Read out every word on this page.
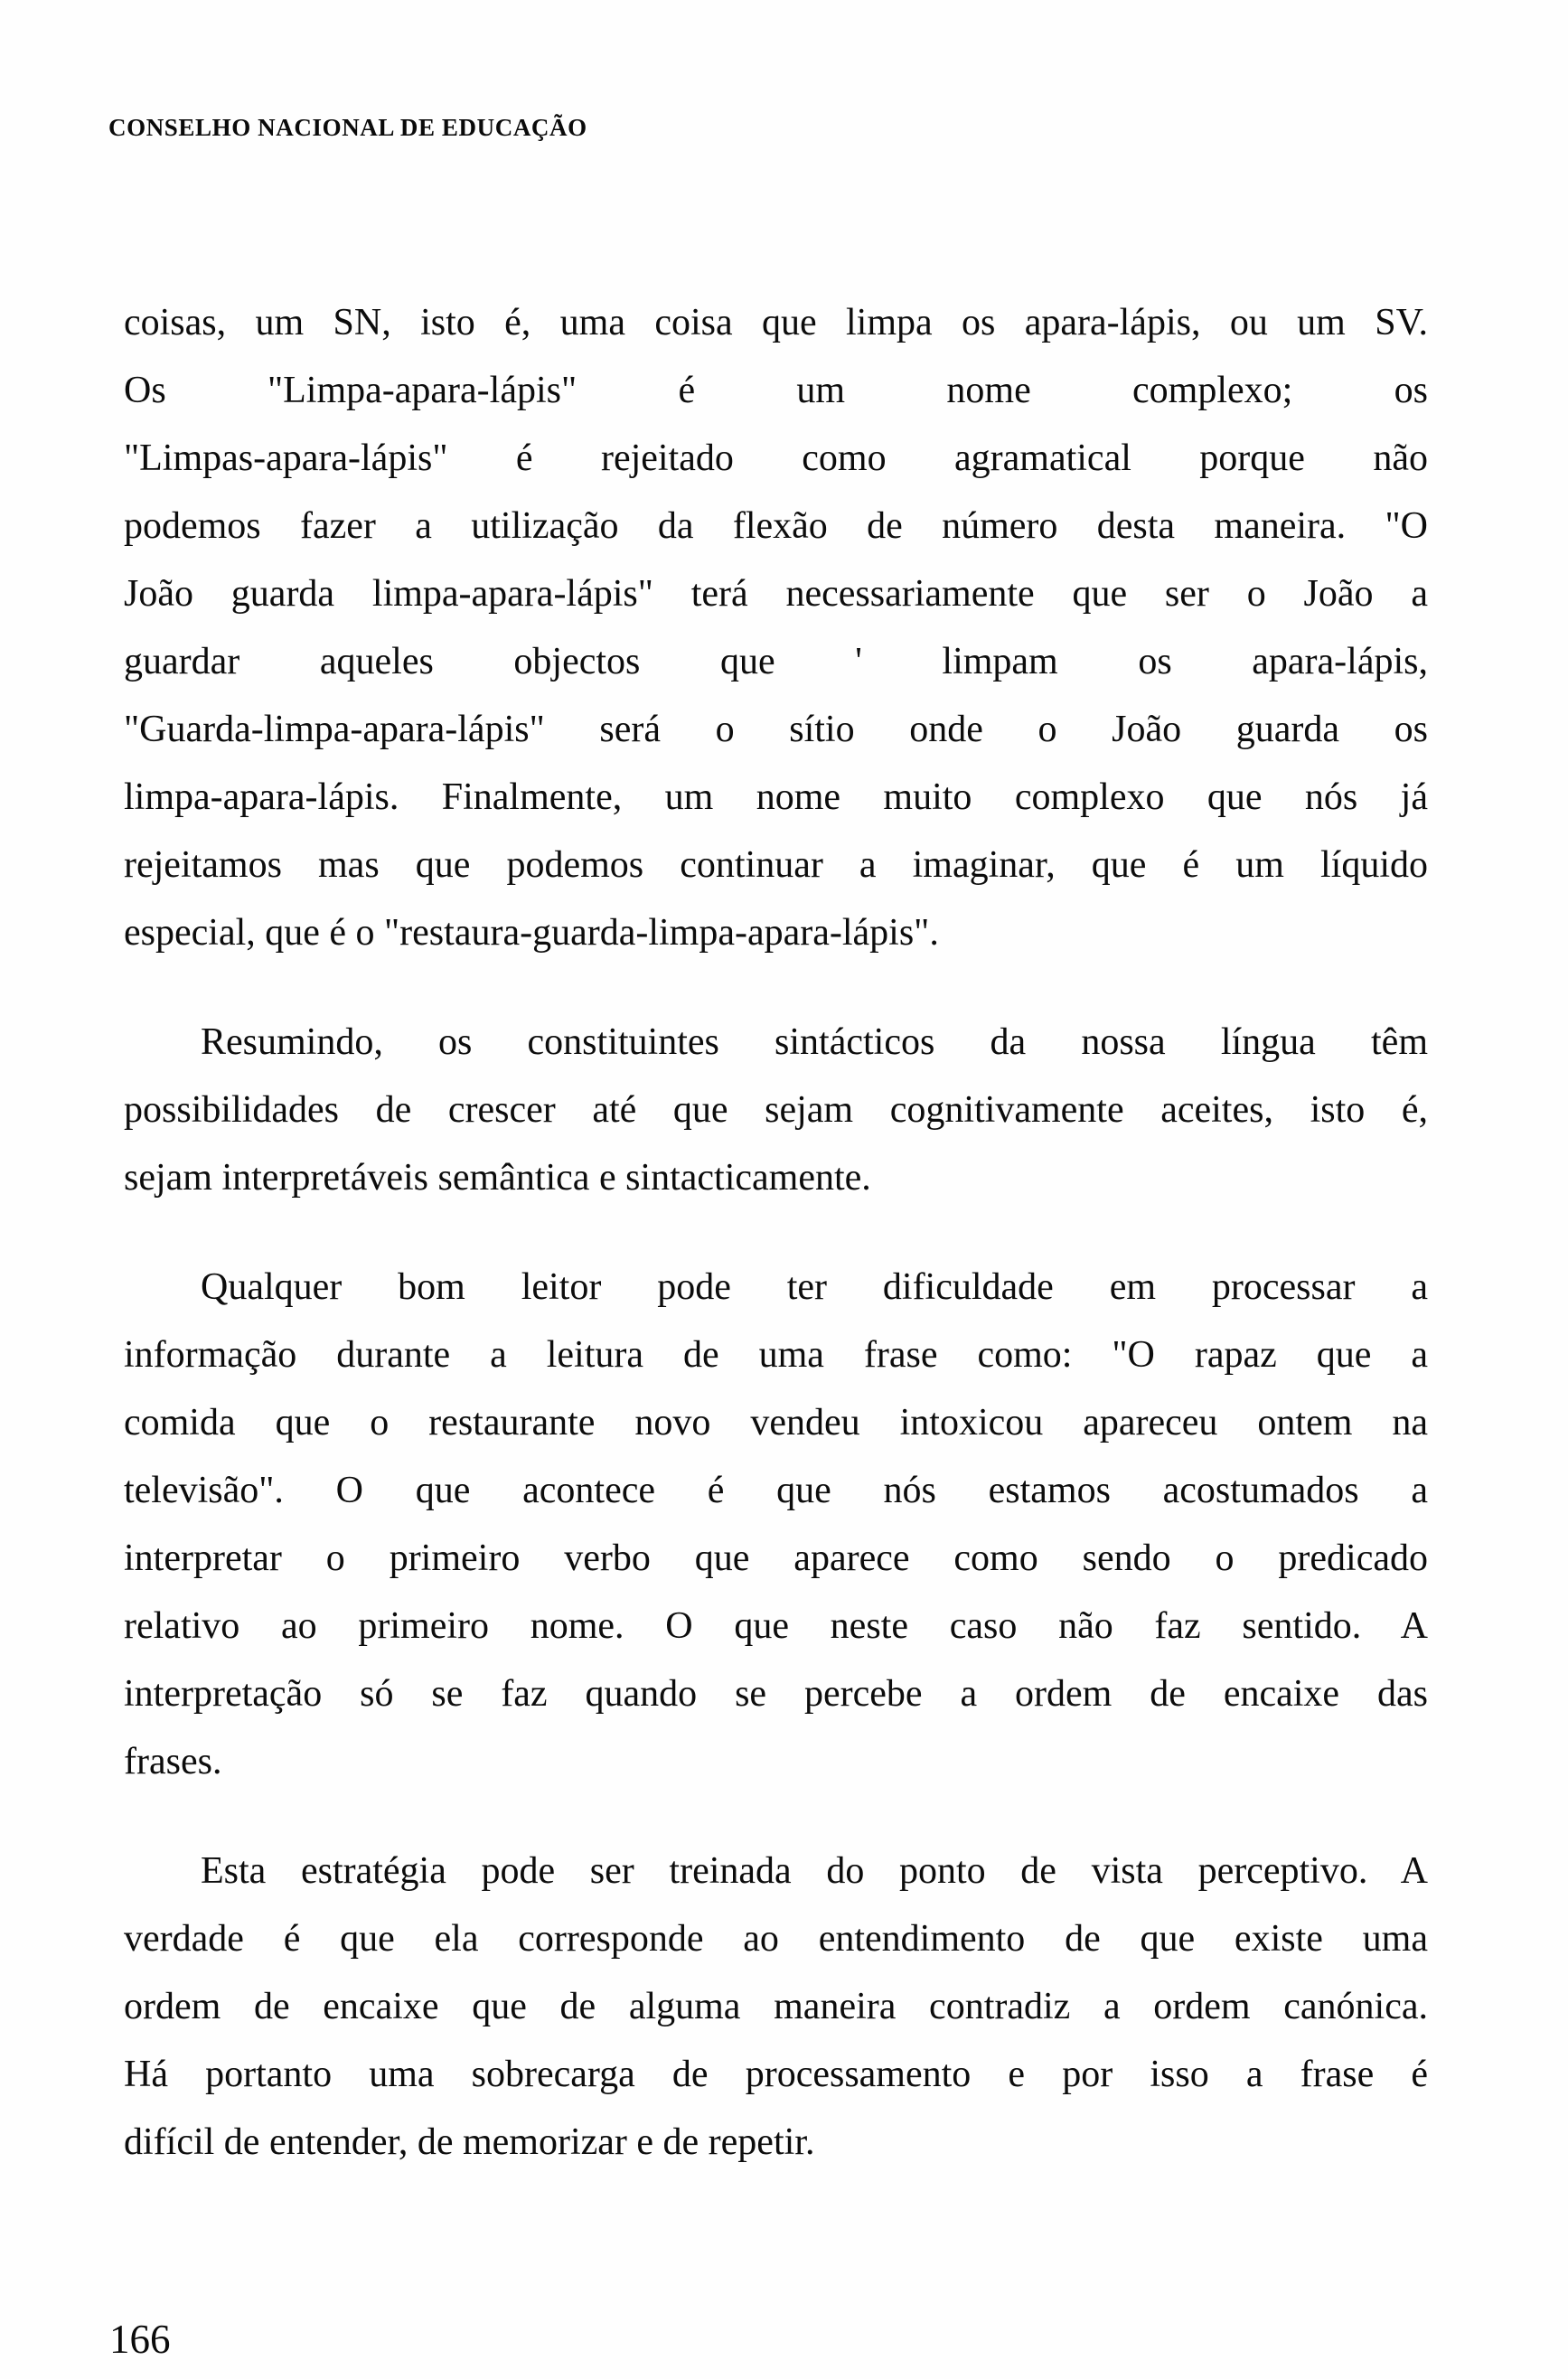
CONSELHO NACIONAL DE EDUCAÇÃO
coisas, um SN, isto é, uma coisa que limpa os apara-lápis, ou um SV.
Os "Limpa-apara-lápis" é um nome complexo; os
"Limpas-apara-lápis" é rejeitado como agramatical porque não
podemos fazer a utilização da flexão de número desta maneira. "O
João guarda limpa-apara-lápis" terá necessariamente que ser o João a
guardar aqueles objectos que ' limpam os apara-lápis,
"Guarda-limpa-apara-lápis" será o sítio onde o João guarda os
limpa-apara-lápis. Finalmente, um nome muito complexo que nós já
rejeitamos mas que podemos continuar a imaginar, que é um líquido
especial, que é o "restaura-guarda-limpa-apara-lápis".
Resumindo, os constituintes sintácticos da nossa língua têm
possibilidades de crescer até que sejam cognitivamente aceites, isto é,
sejam interpretáveis semântica e sintacticamente.
Qualquer bom leitor pode ter dificuldade em processar a
informação durante a leitura de uma frase como: "O rapaz que a
comida que o restaurante novo vendeu intoxicou apareceu ontem na
televisão". O que acontece é que nós estamos acostumados a
interpretar o primeiro verbo que aparece como sendo o predicado
relativo ao primeiro nome. O que neste caso não faz sentido. A
interpretação só se faz quando se percebe a ordem de encaixe das
frases.
Esta estratégia pode ser treinada do ponto de vista perceptivo. A
verdade é que ela corresponde ao entendimento de que existe uma
ordem de encaixe que de alguma maneira contradiz a ordem canónica.
Há portanto uma sobrecarga de processamento e por isso a frase é
difícil de entender, de memorizar e de repetir.
166
